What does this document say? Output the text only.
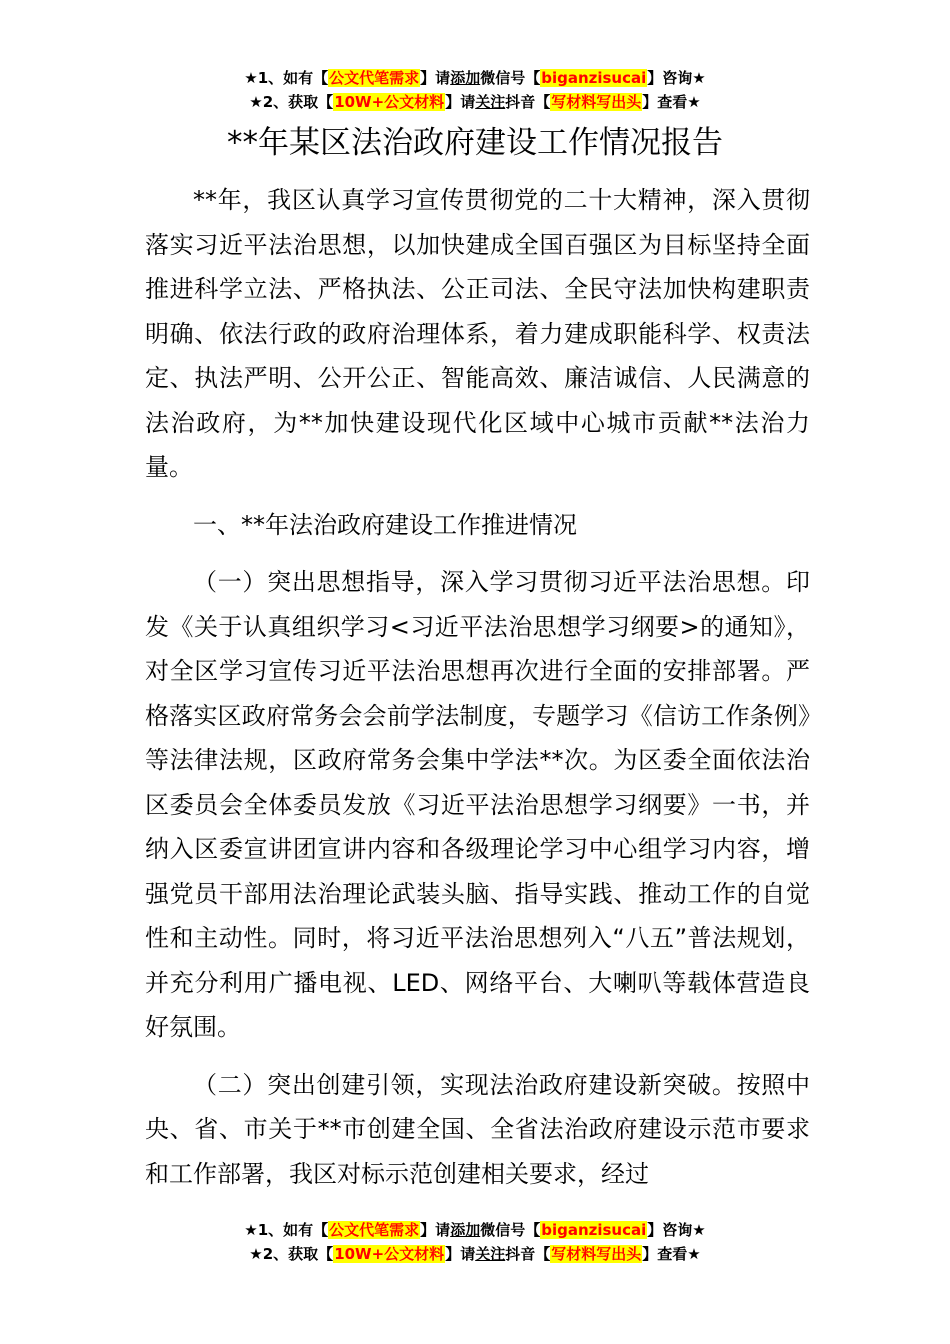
★1、如有【公文代笔需求】请添加微信号【biganzisucai】咨询★
★2、获取【10W+公文材料】请关注抖音【写材料写出头】查看★
**年某区法治政府建设工作情况报告

**年，我区认真学习宣传贯彻党的二十大精神，深入贯彻落实习近平法治思想，以加快建成全国百强区为目标坚持全面推进科学立法、严格执法、公正司法、全民守法加快构建职责明确、依法行政的政府治理体系，着力建成职能科学、权责法定、执法严明、公开公正、智能高效、廉洁诚信、人民满意的法治政府，为**加快建设现代化区域中心城市贡献**法治力量。

一、**年法治政府建设工作推进情况

（一）突出思想指导，深入学习贯彻习近平法治思想。印发《关于认真组织学习<习近平法治思想学习纲要>的通知》，对全区学习宣传习近平法治思想再次进行全面的安排部署。严格落实区政府常务会会前学法制度，专题学习《信访工作条例》等法律法规，区政府常务会集中学法**次。为区委全面依法治区委员会全体委员发放《习近平法治思想学习纲要》一书，并纳入区委宣讲团宣讲内容和各级理论学习中心组学习内容，增强党员干部用法治理论武装头脑、指导实践、推动工作的自觉性和主动性。同时，将习近平法治思想列入“八五”普法规划，并充分利用广播电视、LED、网络平台、大喇叭等载体营造良好氛围。

（二）突出创建引领，实现法治政府建设新突破。按照中央、省、市关于**市创建全国、全省法治政府建设示范市要求和工作部署，我区对标示范创建相关要求，经过

★1、如有【公文代笔需求】请添加微信号【biganzisucai】咨询★
★2、获取【10W+公文材料】请关注抖音【写材料写出头】查看★
